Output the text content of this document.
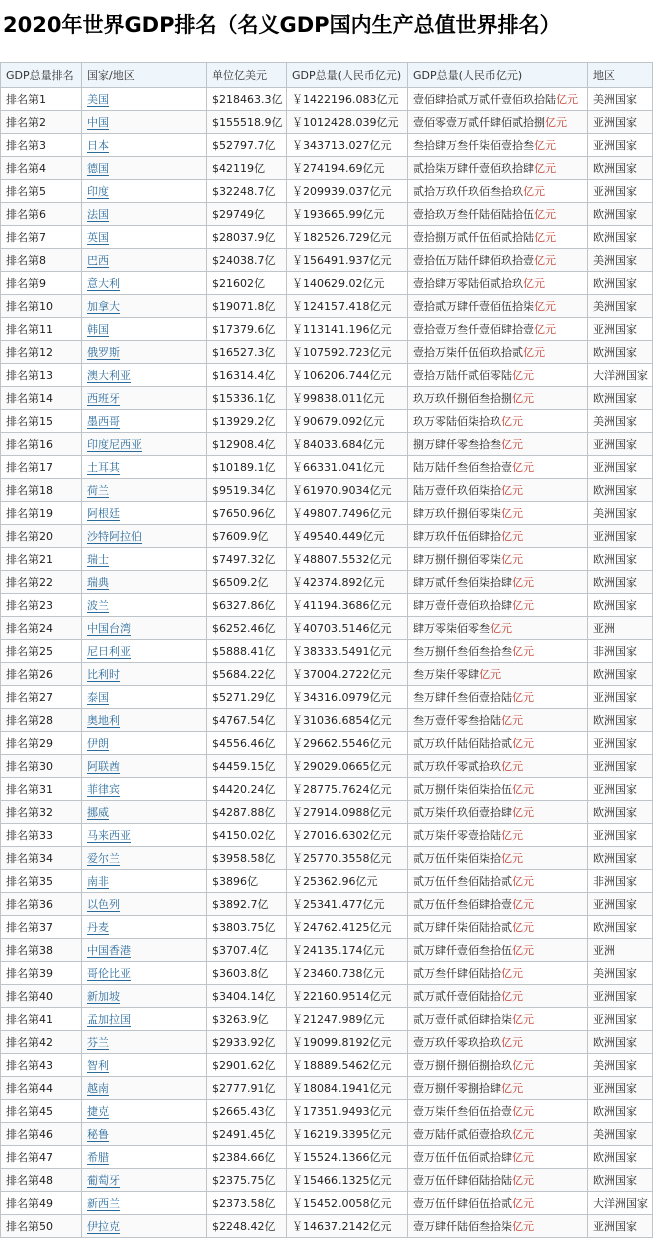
2020年世界GDP排名（名义GDP国内生产总值世界排名）
GDP总量排名	国家/地区	单位亿美元	GDP总量(人民币亿元)	GDP总量(人民币亿元)	地区
排名第1	美国	$218463.3亿	￥1422196.083亿元	壹佰肆拾贰万贰仟壹佰玖拾陆亿元	美洲国家
排名第2	中国	$155518.9亿	￥1012428.039亿元	壹佰零壹万贰仟肆佰贰拾捌亿元	亚洲国家
排名第3	日本	$52797.7亿	￥343713.027亿元	叁拾肆万叁仟柒佰壹拾叁亿元	亚洲国家
排名第4	德国	$42119亿	￥274194.69亿元	贰拾柒万肆仟壹佰玖拾肆亿元	欧洲国家
排名第5	印度	$32248.7亿	￥209939.037亿元	贰拾万玖仟玖佰叁拾玖亿元	亚洲国家
排名第6	法国	$29749亿	￥193665.99亿元	壹拾玖万叁仟陆佰陆拾伍亿元	欧洲国家
排名第7	英国	$28037.9亿	￥182526.729亿元	壹拾捌万贰仟伍佰贰拾陆亿元	欧洲国家
排名第8	巴西	$24038.7亿	￥156491.937亿元	壹拾伍万陆仟肆佰玖拾壹亿元	美洲国家
排名第9	意大利	$21602亿	￥140629.02亿元	壹拾肆万零陆佰贰拾玖亿元	欧洲国家
排名第10	加拿大	$19071.8亿	￥124157.418亿元	壹拾贰万肆仟壹佰伍拾柒亿元	美洲国家
排名第11	韩国	$17379.6亿	￥113141.196亿元	壹拾壹万叁仟壹佰肆拾壹亿元	亚洲国家
排名第12	俄罗斯	$16527.3亿	￥107592.723亿元	壹拾万柒仟伍佰玖拾贰亿元	欧洲国家
排名第13	澳大利亚	$16314.4亿	￥106206.744亿元	壹拾万陆仟贰佰零陆亿元	大洋洲国家
排名第14	西班牙	$15336.1亿	￥99838.011亿元	玖万玖仟捌佰叁拾捌亿元	欧洲国家
排名第15	墨西哥	$13929.2亿	￥90679.092亿元	玖万零陆佰柒拾玖亿元	美洲国家
排名第16	印度尼西亚	$12908.4亿	￥84033.684亿元	捌万肆仟零叁拾叁亿元	亚洲国家
排名第17	土耳其	$10189.1亿	￥66331.041亿元	陆万陆仟叁佰叁拾壹亿元	亚洲国家
排名第18	荷兰	$9519.34亿	￥61970.9034亿元	陆万壹仟玖佰柒拾亿元	欧洲国家
排名第19	阿根廷	$7650.96亿	￥49807.7496亿元	肆万玖仟捌佰零柒亿元	美洲国家
排名第20	沙特阿拉伯	$7609.9亿	￥49540.449亿元	肆万玖仟伍佰肆拾亿元	亚洲国家
排名第21	瑞士	$7497.32亿	￥48807.5532亿元	肆万捌仟捌佰零柒亿元	欧洲国家
排名第22	瑞典	$6509.2亿	￥42374.892亿元	肆万贰仟叁佰柒拾肆亿元	欧洲国家
排名第23	波兰	$6327.86亿	￥41194.3686亿元	肆万壹仟壹佰玖拾肆亿元	欧洲国家
排名第24	中国台湾	$6252.46亿	￥40703.5146亿元	肆万零柒佰零叁亿元	亚洲
排名第25	尼日利亚	$5888.41亿	￥38333.5491亿元	叁万捌仟叁佰叁拾叁亿元	非洲国家
排名第26	比利时	$5684.22亿	￥37004.2722亿元	叁万柒仟零肆亿元	欧洲国家
排名第27	泰国	$5271.29亿	￥34316.0979亿元	叁万肆仟叁佰壹拾陆亿元	亚洲国家
排名第28	奥地利	$4767.54亿	￥31036.6854亿元	叁万壹仟零叁拾陆亿元	欧洲国家
排名第29	伊朗	$4556.46亿	￥29662.5546亿元	贰万玖仟陆佰陆拾贰亿元	亚洲国家
排名第30	阿联酋	$4459.15亿	￥29029.0665亿元	贰万玖仟零贰拾玖亿元	亚洲国家
排名第31	菲律宾	$4420.24亿	￥28775.7624亿元	贰万捌仟柒佰柒拾伍亿元	亚洲国家
排名第32	挪威	$4287.88亿	￥27914.0988亿元	贰万柒仟玖佰壹拾肆亿元	欧洲国家
排名第33	马来西亚	$4150.02亿	￥27016.6302亿元	贰万柒仟零壹拾陆亿元	亚洲国家
排名第34	爱尔兰	$3958.58亿	￥25770.3558亿元	贰万伍仟柒佰柒拾亿元	欧洲国家
排名第35	南非	$3896亿	￥25362.96亿元	贰万伍仟叁佰陆拾贰亿元	非洲国家
排名第36	以色列	$3892.7亿	￥25341.477亿元	贰万伍仟叁佰肆拾壹亿元	亚洲国家
排名第37	丹麦	$3803.75亿	￥24762.4125亿元	贰万肆仟柒佰陆拾贰亿元	欧洲国家
排名第38	中国香港	$3707.4亿	￥24135.174亿元	贰万肆仟壹佰叁拾伍亿元	亚洲
排名第39	哥伦比亚	$3603.8亿	￥23460.738亿元	贰万叁仟肆佰陆拾亿元	美洲国家
排名第40	新加坡	$3404.14亿	￥22160.9514亿元	贰万贰仟壹佰陆拾亿元	亚洲国家
排名第41	孟加拉国	$3263.9亿	￥21247.989亿元	贰万壹仟贰佰肆拾柒亿元	亚洲国家
排名第42	芬兰	$2933.92亿	￥19099.8192亿元	壹万玖仟零玖拾玖亿元	欧洲国家
排名第43	智利	$2901.62亿	￥18889.5462亿元	壹万捌仟捌佰捌拾玖亿元	美洲国家
排名第44	越南	$2777.91亿	￥18084.1941亿元	壹万捌仟零捌拾肆亿元	亚洲国家
排名第45	捷克	$2665.43亿	￥17351.9493亿元	壹万柒仟叁佰伍拾壹亿元	欧洲国家
排名第46	秘鲁	$2491.45亿	￥16219.3395亿元	壹万陆仟贰佰壹拾玖亿元	美洲国家
排名第47	希腊	$2384.66亿	￥15524.1366亿元	壹万伍仟伍佰贰拾肆亿元	欧洲国家
排名第48	葡萄牙	$2375.75亿	￥15466.1325亿元	壹万伍仟肆佰陆拾陆亿元	欧洲国家
排名第49	新西兰	$2373.58亿	￥15452.0058亿元	壹万伍仟肆佰伍拾贰亿元	大洋洲国家
排名第50	伊拉克	$2248.42亿	￥14637.2142亿元	壹万肆仟陆佰叁拾柒亿元	亚洲国家
